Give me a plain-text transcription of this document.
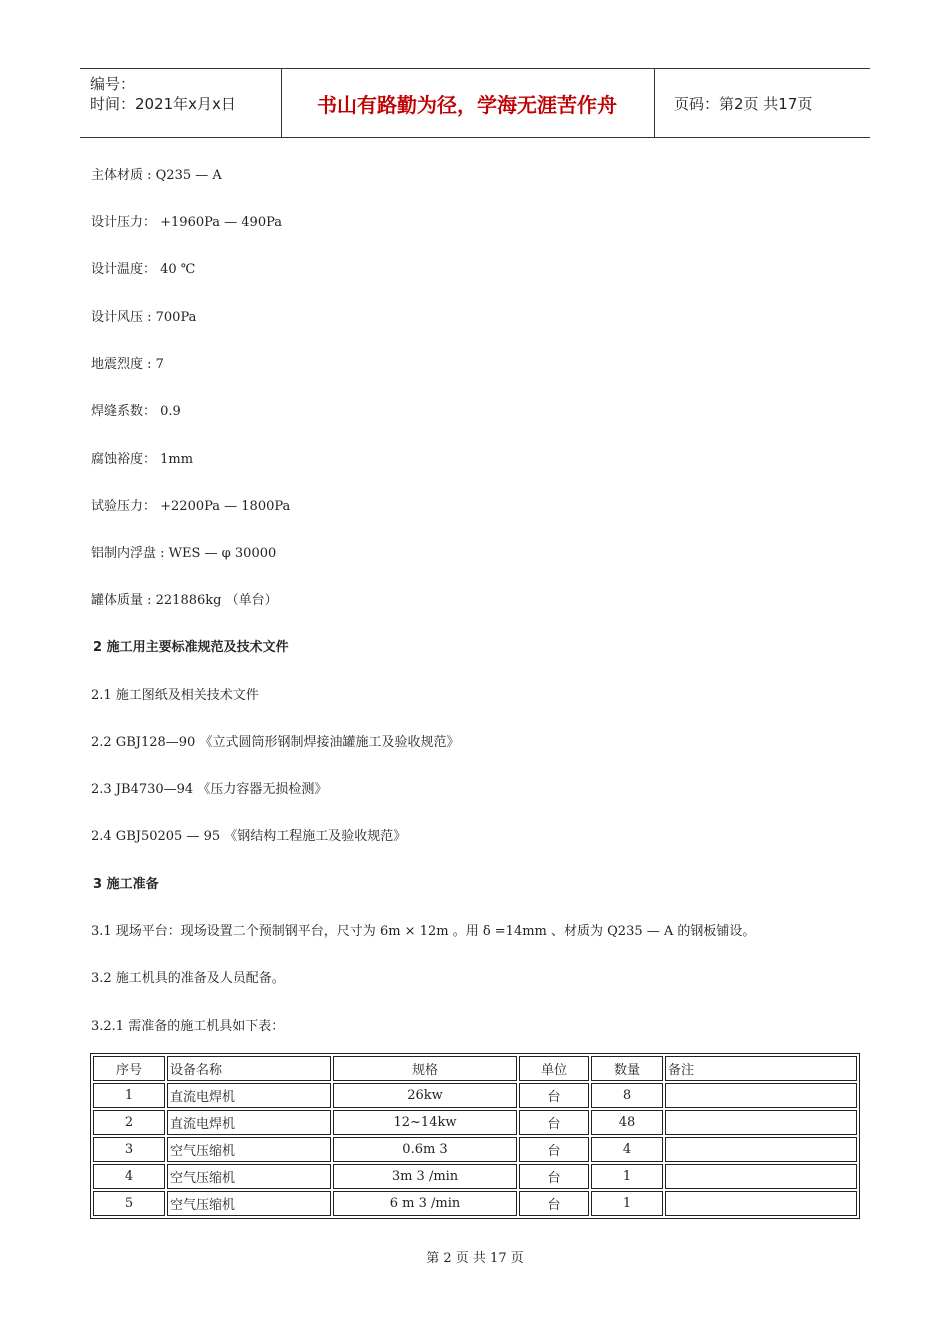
编号：
时间：2021年x月x日	书山有路勤为径，学海无涯苦作舟	页码：第2页 共17页
主体材质 : Q235 — A
设计压力： +1960Pa — 490Pa
设计温度： 40 ℃
设计风压 : 700Pa
地震烈度 : 7
焊缝系数： 0.9
腐蚀裕度： 1mm
试验压力： +2200Pa — 1800Pa
铝制内浮盘 : WES — φ 30000
罐体质量 : 221886kg （单台）
2 施工用主要标准规范及技术文件
2.1 施工图纸及相关技术文件
2.2 GBJ128—90 《立式圆筒形钢制焊接油罐施工及验收规范》
2.3 JB4730—94 《压力容器无损检测》
2.4 GBJ50205 — 95 《钢结构工程施工及验收规范》
3 施工准备
3.1 现场平台：现场设置二个预制钢平台，尺寸为 6m × 12m 。用 δ =14mm 、材质为 Q235 — A 的钢板铺设。
3.2 施工机具的准备及人员配备。
3.2.1 需准备的施工机具如下表：
序号	设备名称	规格	单位	数量	备注
1	直流电焊机	26kw	台	8	
2	直流电焊机	12~14kw	台	48	
3	空气压缩机	0.6m 3	台	4	
4	空气压缩机	3m 3 /min	台	1	
5	空气压缩机	6 m 3 /min	台	1	
第 2 页 共 17 页
